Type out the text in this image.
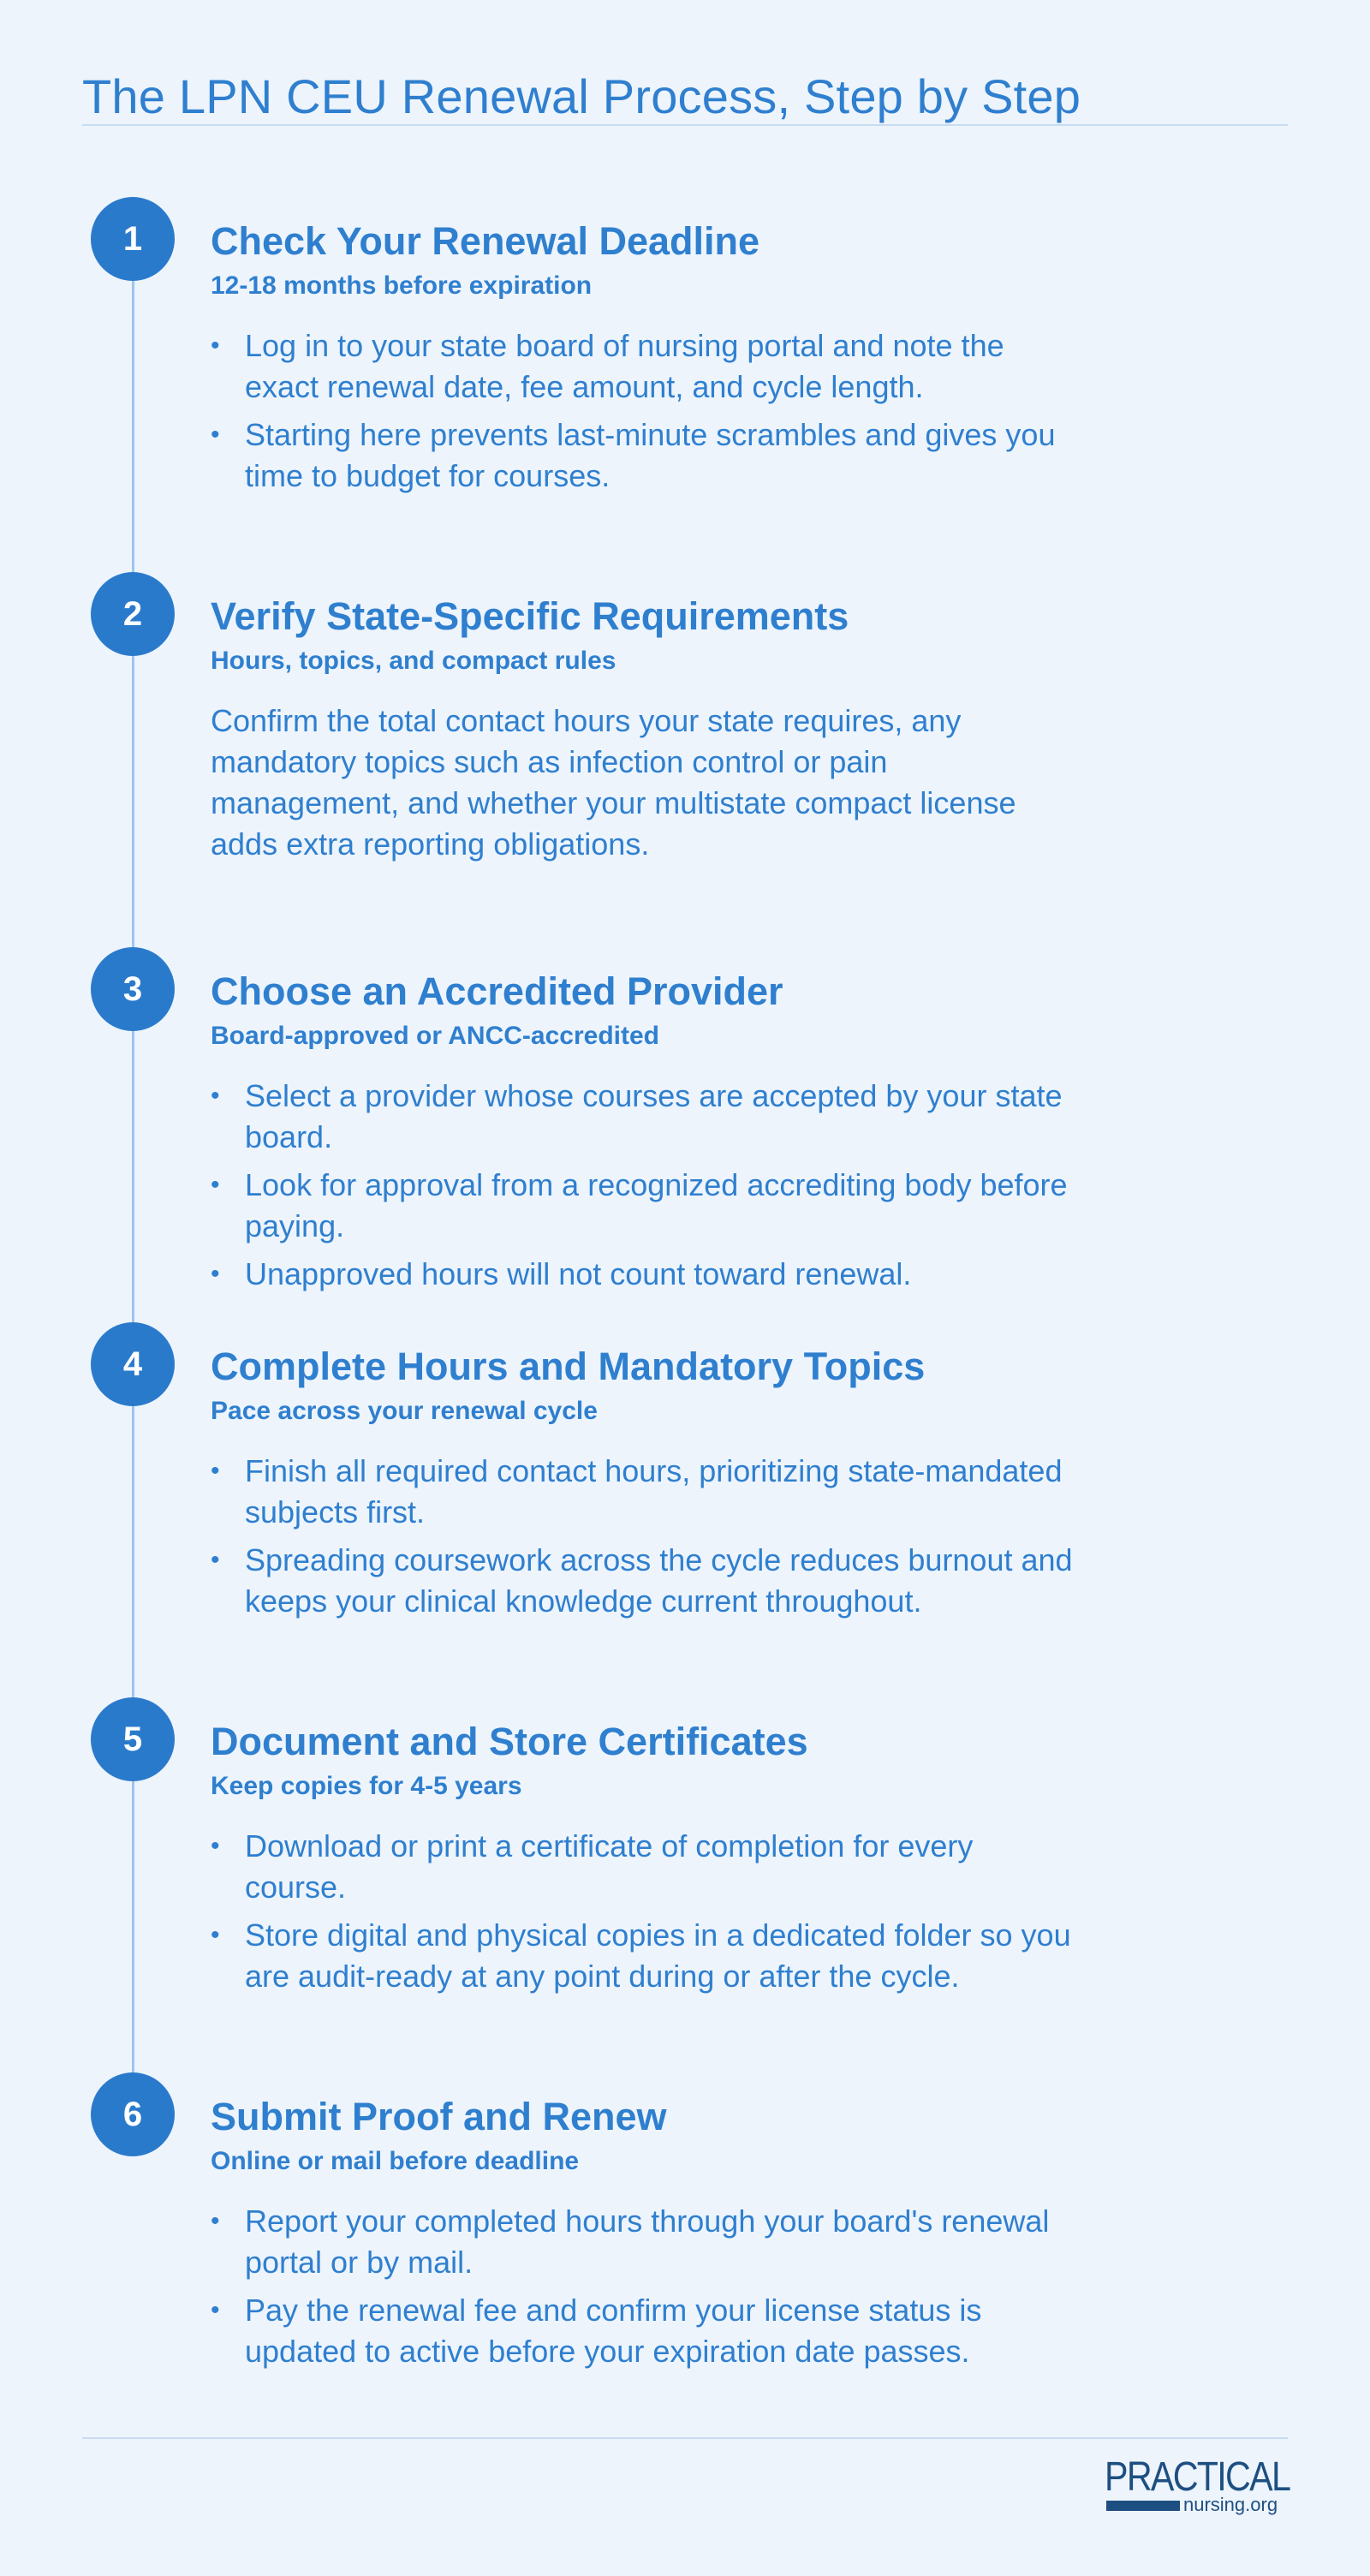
The LPN CEU Renewal Process, Step by Step
1	Check Your Renewal Deadline
12-18 months before expiration
• Log in to your state board of nursing portal and note the exact renewal date, fee amount, and cycle length.
• Starting here prevents last-minute scrambles and gives you time to budget for courses.
2	Verify State-Specific Requirements
Hours, topics, and compact rules
Confirm the total contact hours your state requires, any mandatory topics such as infection control or pain management, and whether your multistate compact license adds extra reporting obligations.
3	Choose an Accredited Provider
Board-approved or ANCC-accredited
• Select a provider whose courses are accepted by your state board.
• Look for approval from a recognized accrediting body before paying.
• Unapproved hours will not count toward renewal.
4	Complete Hours and Mandatory Topics
Pace across your renewal cycle
• Finish all required contact hours, prioritizing state-mandated subjects first.
• Spreading coursework across the cycle reduces burnout and keeps your clinical knowledge current throughout.
5	Document and Store Certificates
Keep copies for 4-5 years
• Download or print a certificate of completion for every course.
• Store digital and physical copies in a dedicated folder so you are audit-ready at any point during or after the cycle.
6	Submit Proof and Renew
Online or mail before deadline
• Report your completed hours through your board's renewal portal or by mail.
• Pay the renewal fee and confirm your license status is updated to active before your expiration date passes.
PRACTICAL
nursing.org
